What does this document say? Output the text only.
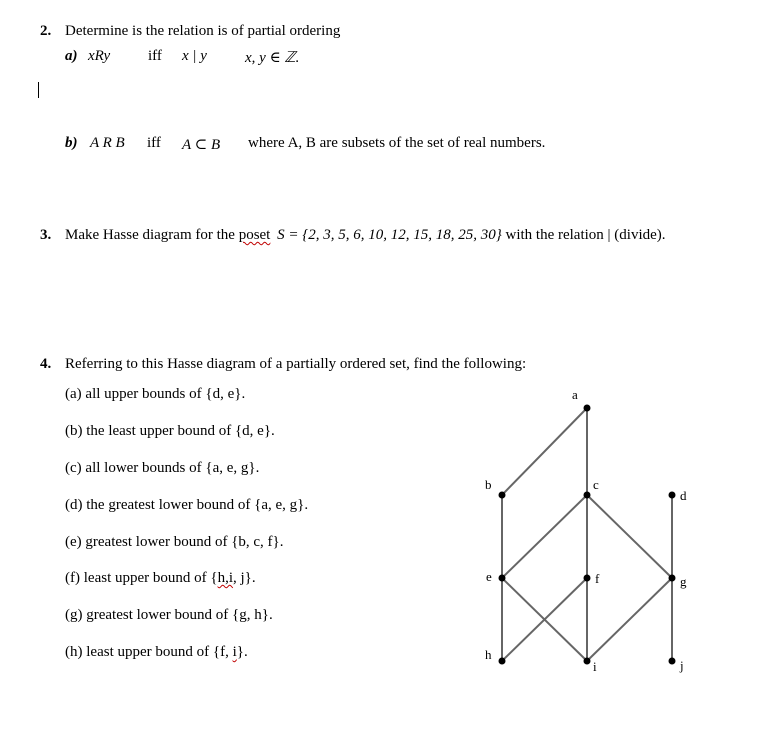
2. Determine is the relation is of partial ordering
a) xRy	iff x | y	x, y ∈ ℤ.
b) A R B iff A ⊂ B where A, B are subsets of the set of real numbers.
3. Make Hasse diagram for the poset S = {2, 3, 5, 6, 10, 12, 15, 18, 25, 30} with the relation | (divide).
4. Referring to this Hasse diagram of a partially ordered set, find the following:
(a) all upper bounds of {d, e}.
(b) the least upper bound of {d, e}.
(c) all lower bounds of {a, e, g}.
(d) the greatest lower bound of {a, e, g}.
(e) greatest lower bound of {b, c, f}.
(f) least upper bound of {h,i, j}.
(g) greatest lower bound of {g, h}.
(h) least upper bound of {f, i}.
a
b	c
d
e	f	g
h
i	j
